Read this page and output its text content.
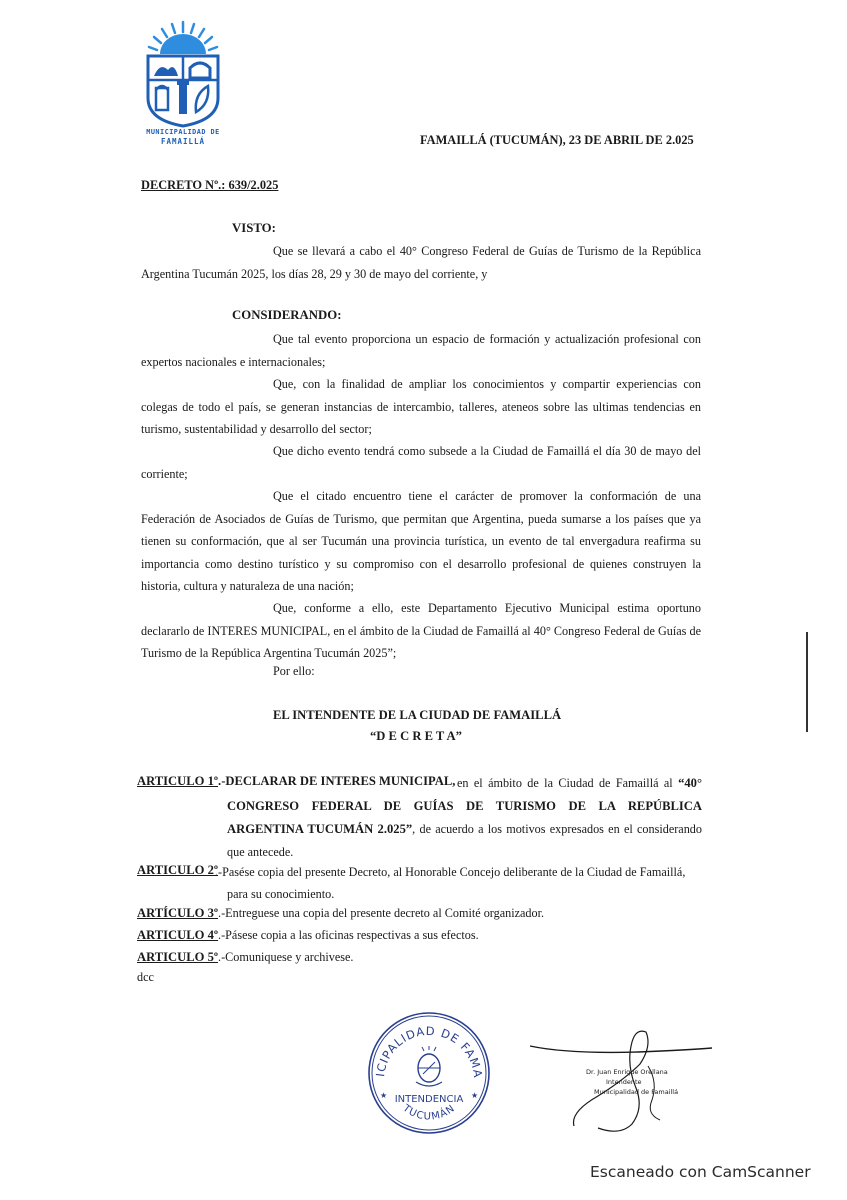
MUNICIPALIDAD DE
FAMAILLÁ	FAMAILLÁ (TUCUMÁN), 23 DE ABRIL DE 2.025
DECRETO Nº.: 639/2.025
VISTO:
Que se llevará a cabo el 40° Congreso Federal de Guías de Turismo de la República Argentina Tucumán 2025, los días 28, 29 y 30 de mayo del corriente, y
CONSIDERANDO:
Que tal evento proporciona un espacio de formación y actualización profesional con expertos nacionales e internacionales;
Que, con la finalidad de ampliar los conocimientos y compartir experiencias con colegas de todo el país, se generan instancias de intercambio, talleres, ateneos sobre las ultimas tendencias en turismo, sustentabilidad y desarrollo del sector;
Que dicho evento tendrá como subsede a la Ciudad de Famaillá el día 30 de mayo del corriente;
Que el citado encuentro tiene el carácter de promover la conformación de una Federación de Asociados de Guías de Turismo, que permitan que Argentina, pueda sumarse a los países que ya tienen su conformación, que al ser Tucumán una provincia turística, un evento de tal envergadura reafirma su importancia como destino turístico y su compromiso con el desarrollo profesional de quienes construyen la historia, cultura y naturaleza de una nación;
Que, conforme a ello, este Departamento Ejecutivo Municipal estima oportuno declararlo de INTERES MUNICIPAL, en el ámbito de la Ciudad de Famaillá al 40° Congreso Federal de Guías de Turismo de la República Argentina Tucumán 2025”;
Por ello:
EL INTENDENTE DE LA CIUDAD DE FAMAILLÁ
“D E C R E T A”
ARTICULO 1º.-DECLARAR DE INTERES MUNICIPAL, en el ámbito de la Ciudad de Famaillá al “40° CONGRESO FEDERAL DE GUÍAS DE TURISMO DE LA REPÚBLICA ARGENTINA TUCUMÁN 2.025”, de acuerdo a los motivos expresados en el considerando que antecede.
ARTICULO 2º
.-Pasése copia del presente Decreto, al Honorable Concejo deliberante de la Ciudad de Famaillá, para su conocimiento.
ARTÍCULO 3º.-Entreguese una copia del presente decreto al Comité organizador.
ARTICULO 4º.-Pásese copia a las oficinas respectivas a sus efectos.
ARTICULO 5º.-Comuniquese y archivese.
dcc
ICIPALIDAD DE FAMA
★	★
INTENDENCIA
TUCUMÁN
Dr. Juan Enrique Orellana
Intendente
Municipalidad de Famaillá
Escaneado con CamScanner
